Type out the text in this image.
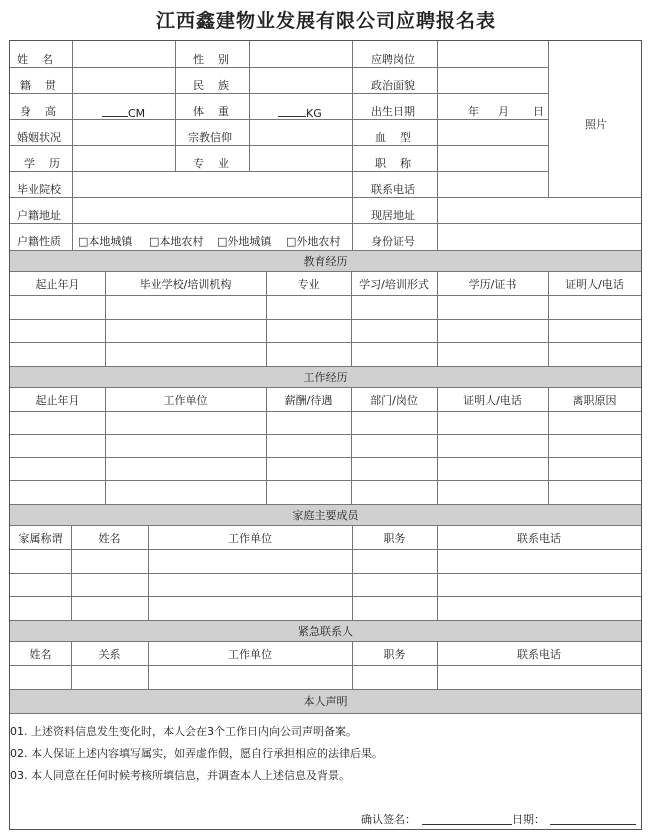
江西鑫建物业发展有限公司应聘报名表
姓    名	性    别	应聘岗位
籍    贯	民    族	政治面貌
身    高	CM	体    重	KG	出生日期	年 月 日
照片
婚姻状况	宗教信仰	血    型
学    历	专    业	职    称
毕业院校	联系电话
户籍地址	现居地址
户籍性质 □本地城镇 □本地农村 □外地城镇 □外地农村	身份证号
教育经历
起止年月	毕业学校/培训机构	专业	学习/培训形式	学历/证书	证明人/电话
工作经历
起止年月	工作单位	薪酬/待遇	部门/岗位	证明人/电话	离职原因
家庭主要成员
家属称谓	姓名	工作单位	职务	联系电话
紧急联系人
姓名	关系	工作单位	职务	联系电话
本人声明
01. 上述资料信息发生变化时，本人会在3个工作日内向公司声明备案。
02. 本人保证上述内容填写属实，如弄虚作假，愿自行承担相应的法律后果。
03. 本人同意在任何时候考核所填信息，并调查本人上述信息及背景。
确认签名：	日期：
